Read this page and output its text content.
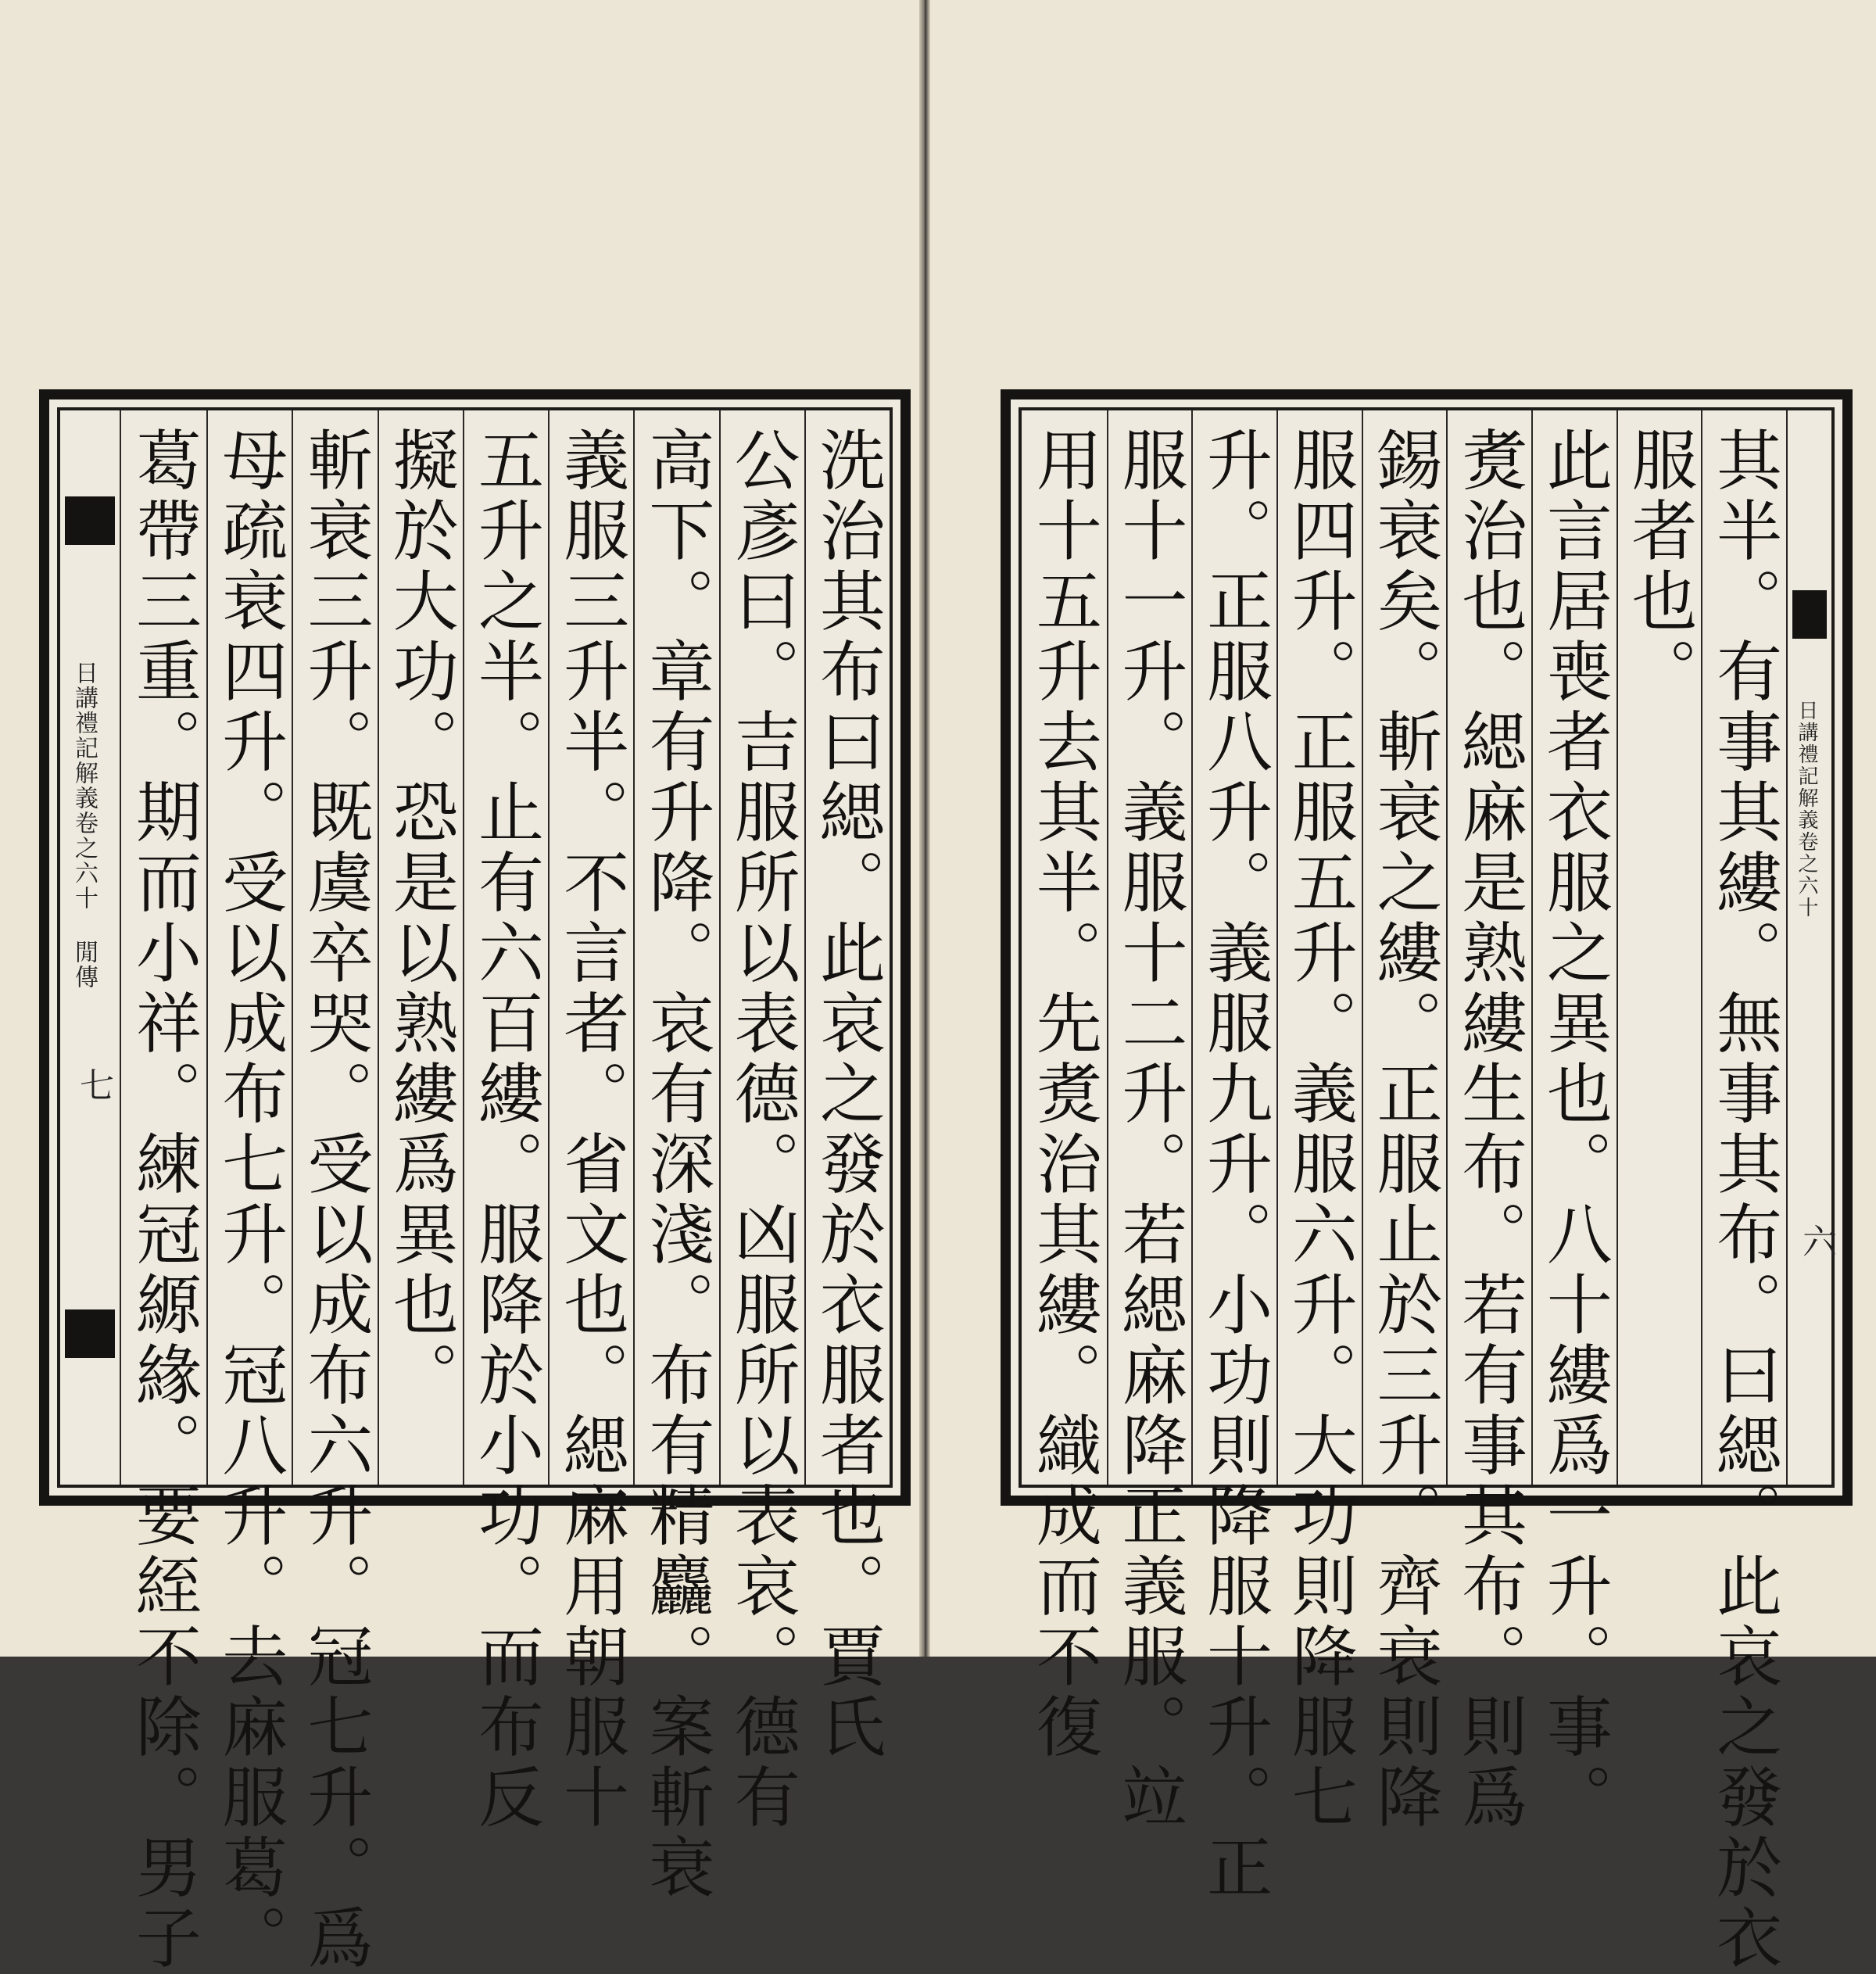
日講禮記解義卷之六十 閒傳
七	洗治其布曰緦。此哀之發於衣服者也。賈氏
公彥曰。吉服所以表德。凶服所以表哀。德有
高下。章有升降。哀有深淺。布有精麤。案斬衰
義服三升半。不言者。省文也。緦麻用朝服十
五升之半。止有六百縷。服降於小功。而布反
擬於大功。恐是以熟縷爲異也。
斬衰三升。既虞卒哭。受以成布六升。冠七升。爲
母疏衰四升。受以成布七升。冠八升。去麻服葛。
葛帶三重。期而小祥。練冠縓緣。要絰不除。男子	其半。有事其縷。無事其布。曰緦。此哀之發於衣
服者也。
此言居喪者衣服之異也。八十縷爲一升。事。
煑治也。緦麻是熟縷生布。若有事其布。則爲
錫衰矣。斬衰之縷。正服止於三升。齊衰則降
服四升。正服五升。義服六升。大功則降服七
升。正服八升。義服九升。小功則降服十升。正
服十一升。義服十二升。若緦麻降正義服。竝
用十五升去其半。先煑治其縷。織成而不復	日講禮記解義卷之六十
六
